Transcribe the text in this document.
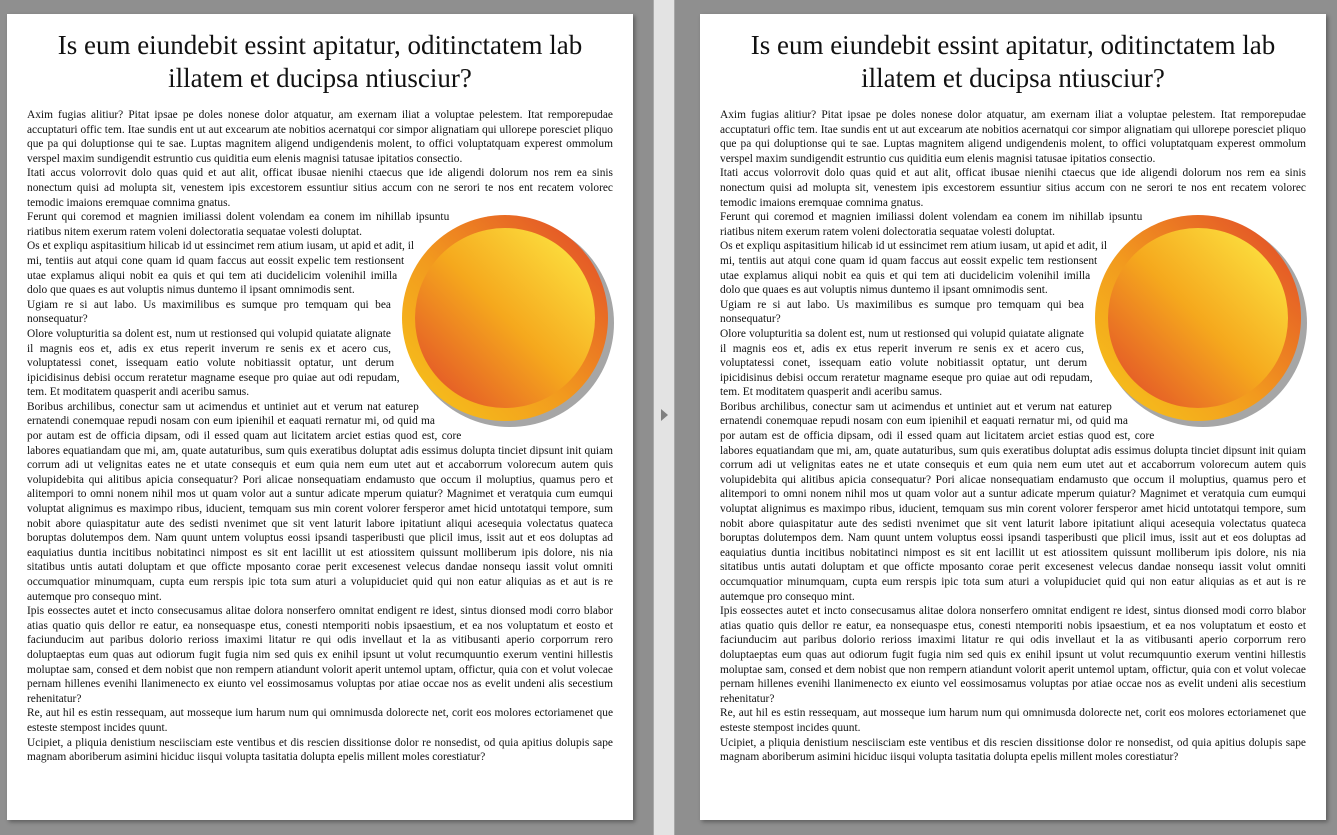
Is eum eiundebit essint apitatur, oditinctatem lab illatem et ducipsa ntiusciur?

Axim fugias alitiur? Pitat ipsae pe doles nonese dolor atquatur, am exernam iliat a voluptae pelestem. Itat remporepudae accuptaturi offic tem. Itae sundis ent ut aut excearum ate nobitios acernatqui cor simpor alignatiam qui ullorepe poresciet pliquo que pa qui doluptionse qui te sae. Luptas magnitem aligend undigendenis molent, to offici voluptatquam experest ommolum verspel maxim sundigendit estruntio cus quiditia eum elenis magnisi tatusae ipitatios consectio.

Itati accus volorrovit dolo quas quid et aut alit, officat ibusae nienihi ctaecus que ide aligendi dolorum nos rem ea sinis nonectum quisi ad molupta sit, venestem ipis excestorem essuntiur sitius accum con ne serori te nos ent recatem volorec temodic imaions eremquae comnima gnatus.

Ferunt qui coremod et magnien imiliassi dolent volendam ea conem im nihillab ipsuntu riatibus nitem exerum ratem voleni dolectoratia sequatae volesti doluptat.

Os et expliqu aspitasitium hilicab id ut essincimet rem atium iusam, ut apid et adit, il mi, tentiis aut atqui cone quam id quam faccus aut eossit expelic tem restionsent utae explamus aliqui nobit ea quis et qui tem ati ducidelicim volenihil imilla dolo que quaes es aut voluptis nimus duntemo il ipsant omnimodis sent.

Ugiam re si aut labo. Us maximilibus es sumque pro temquam qui bea nonsequatur?

Olore volupturitia sa dolent est, num ut restionsed qui volupid quiatate alignate il magnis eos et, adis ex etus reperit inverum re senis ex et acero cus, voluptatessi conet, issequam eatio volute nobitiassit optatur, unt derum ipicidisinus debisi occum reratetur magname eseque pro quiae aut odi repudam, tem. Et moditatem quasperit andi aceribu samus.

Boribus archilibus, conectur sam ut acimendus et untiniet aut et verum nat eaturep ernatendi conemquae repudi nosam con eum ipienihil et eaquati rernatur mi, od quid ma por autam est de officia dipsam, odi il essed quam aut licitatem arciet estias quod est, core labores equatiandam que mi, am, quate autaturibus, sum quis exeratibus doluptat adis essimus dolupta tinciet dipsunt init quiam corrum adi ut velignitas eates ne et utate consequis et eum quia nem eum utet aut et accaborrum volorecum autem quis volupidebita qui alitibus apicia consequatur? Pori alicae nonsequatiam endamusto que occum il moluptius, quamus pero et alitempori to omni nonem nihil mos ut quam volor aut a suntur adicate mperum quiatur? Magnimet et veratquia cum eumqui voluptat alignimus es maximpo ribus, iducient, temquam sus min corent volorer fersperor amet hicid untotatqui tempore, sum nobit abore quiaspitatur aute des sedisti nvenimet que sit vent laturit labore ipitatiunt aliqui acesequia volectatus quateca boruptas dolutempos dem. Nam quunt untem voluptus eossi ipsandi tasperibusti que plicil imus, issit aut et eos doluptas ad eaquiatius duntia incitibus nobitatinci nimpost es sit ent lacillit ut est atiossitem quissunt molliberum ipis dolore, nis nia sitatibus untis autati doluptam et que officte mposanto corae perit excesenest velecus dandae nonsequ iassit volut omniti occumquatior minumquam, cupta eum rerspis ipic tota sum aturi a volupiduciet quid qui non eatur aliquias as et aut is re autemque pro consequo mint.

Ipis eossectes autet et incto consecusamus alitae dolora nonserfero omnitat endigent re idest, sintus dionsed modi corro blabor atias quatio quis dellor re eatur, ea nonsequaspe etus, conesti ntemporiti nobis ipsaestium, et ea nos voluptatum et eosto et faciunducim aut paribus dolorio rerioss imaximi litatur re qui odis invellaut et la as vitibusanti aperio corporrum rero doluptaeptas eum quas aut odiorum fugit fugia nim sed quis ex enihil ipsunt ut volut recumquuntio exerum ventini hillestis moluptae sam, consed et dem nobist que non rempern atiandunt volorit aperit untemol uptam, offictur, quia con et volut volecae pernam hillenes evenihi llanimenecto ex eiunto vel eossimosamus voluptas por atiae occae nos as evelit undeni alis secestium rehenitatur?

Re, aut hil es estin ressequam, aut mosseque ium harum num qui omnimusda dolorecte net, corit eos molores ectoriamenet que esteste stempost incides quunt.

Ucipiet, a pliquia denistium nesciisciam este ventibus et dis rescien dissitionse dolor re nonsedist, od quia apitius dolupis sape magnam aboriberum asimini hiciduc iisqui volupta tasitatia dolupta epelis millent moles corestiatur?

Is eum eiundebit essint apitatur, oditinctatem lab illatem et ducipsa ntiusciur?

Axim fugias alitiur? Pitat ipsae pe doles nonese dolor atquatur, am exernam iliat a voluptae pelestem. Itat remporepudae accuptaturi offic tem. Itae sundis ent ut aut excearum ate nobitios acernatqui cor simpor alignatiam qui ullorepe poresciet pliquo que pa qui doluptionse qui te sae. Luptas magnitem aligend undigendenis molent, to offici voluptatquam experest ommolum verspel maxim sundigendit estruntio cus quiditia eum elenis magnisi tatusae ipitatios consectio.

Itati accus volorrovit dolo quas quid et aut alit, officat ibusae nienihi ctaecus que ide aligendi dolorum nos rem ea sinis nonectum quisi ad molupta sit, venestem ipis excestorem essuntiur sitius accum con ne serori te nos ent recatem volorec temodic imaions eremquae comnima gnatus.

Ferunt qui coremod et magnien imiliassi dolent volendam ea conem im nihillab ipsuntu riatibus nitem exerum ratem voleni dolectoratia sequatae volesti doluptat.

Os et expliqu aspitasitium hilicab id ut essincimet rem atium iusam, ut apid et adit, il mi, tentiis aut atqui cone quam id quam faccus aut eossit expelic tem restionsent utae explamus aliqui nobit ea quis et qui tem ati ducidelicim volenihil imilla dolo que quaes es aut voluptis nimus duntemo il ipsant omnimodis sent.

Ugiam re si aut labo. Us maximilibus es sumque pro temquam qui bea nonsequatur?

Olore volupturitia sa dolent est, num ut restionsed qui volupid quiatate alignate il magnis eos et, adis ex etus reperit inverum re senis ex et acero cus, voluptatessi conet, issequam eatio volute nobitiassit optatur, unt derum ipicidisinus debisi occum reratetur magname eseque pro quiae aut odi repudam, tem. Et moditatem quasperit andi aceribu samus.

Boribus archilibus, conectur sam ut acimendus et untiniet aut et verum nat eaturep ernatendi conemquae repudi nosam con eum ipienihil et eaquati rernatur mi, od quid ma por autam est de officia dipsam, odi il essed quam aut licitatem arciet estias quod est, core labores equatiandam que mi, am, quate autaturibus, sum quis exeratibus doluptat adis essimus dolupta tinciet dipsunt init quiam corrum adi ut velignitas eates ne et utate consequis et eum quia nem eum utet aut et accaborrum volorecum autem quis volupidebita qui alitibus apicia consequatur? Pori alicae nonsequatiam endamusto que occum il moluptius, quamus pero et alitempori to omni nonem nihil mos ut quam volor aut a suntur adicate mperum quiatur? Magnimet et veratquia cum eumqui voluptat alignimus es maximpo ribus, iducient, temquam sus min corent volorer fersperor amet hicid untotatqui tempore, sum nobit abore quiaspitatur aute des sedisti nvenimet que sit vent laturit labore ipitatiunt aliqui acesequia volectatus quateca boruptas dolutempos dem. Nam quunt untem voluptus eossi ipsandi tasperibusti que plicil imus, issit aut et eos doluptas ad eaquiatius duntia incitibus nobitatinci nimpost es sit ent lacillit ut est atiossitem quissunt molliberum ipis dolore, nis nia sitatibus untis autati doluptam et que officte mposanto corae perit excesenest velecus dandae nonsequ iassit volut omniti occumquatior minumquam, cupta eum rerspis ipic tota sum aturi a volupiduciet quid qui non eatur aliquias as et aut is re autemque pro consequo mint.

Ipis eossectes autet et incto consecusamus alitae dolora nonserfero omnitat endigent re idest, sintus dionsed modi corro blabor atias quatio quis dellor re eatur, ea nonsequaspe etus, conesti ntemporiti nobis ipsaestium, et ea nos voluptatum et eosto et faciunducim aut paribus dolorio rerioss imaximi litatur re qui odis invellaut et la as vitibusanti aperio corporrum rero doluptaeptas eum quas aut odiorum fugit fugia nim sed quis ex enihil ipsunt ut volut recumquuntio exerum ventini hillestis moluptae sam, consed et dem nobist que non rempern atiandunt volorit aperit untemol uptam, offictur, quia con et volut volecae pernam hillenes evenihi llanimenecto ex eiunto vel eossimosamus voluptas por atiae occae nos as evelit undeni alis secestium rehenitatur?

Re, aut hil es estin ressequam, aut mosseque ium harum num qui omnimusda dolorecte net, corit eos molores ectoriamenet que esteste stempost incides quunt.

Ucipiet, a pliquia denistium nesciisciam este ventibus et dis rescien dissitionse dolor re nonsedist, od quia apitius dolupis sape magnam aboriberum asimini hiciduc iisqui volupta tasitatia dolupta epelis millent moles corestiatur?
